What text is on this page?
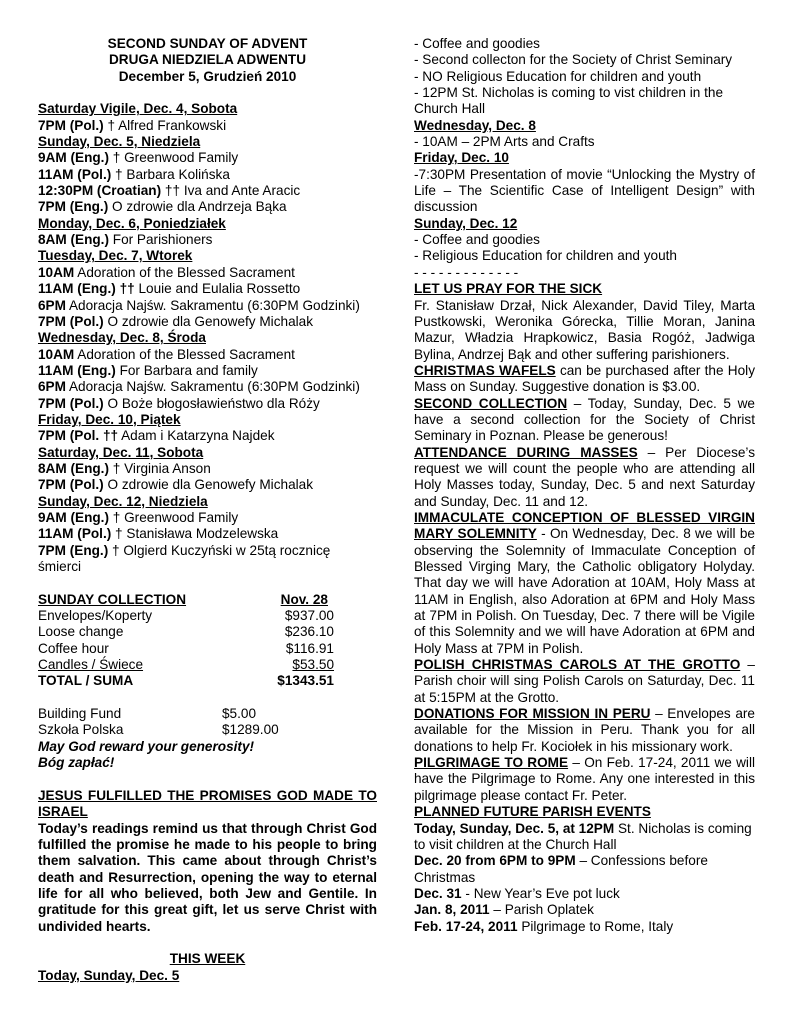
SECOND SUNDAY OF ADVENT
DRUGA NIEDZIELA ADWENTU
December 5, Grudzień 2010
Saturday Vigile, Dec. 4, Sobota
7PM (Pol.) † Alfred Frankowski
Sunday, Dec. 5, Niedziela
9AM (Eng.) † Greenwood Family
11AM (Pol.) † Barbara Kolińska
12:30PM (Croatian) †† Iva and Ante Aracic
7PM (Eng.) O zdrowie dla Andrzeja Bąka
Monday, Dec. 6, Poniedziałek
8AM (Eng.) For Parishioners
Tuesday, Dec. 7, Wtorek
10AM Adoration of the Blessed Sacrament
11AM (Eng.) †† Louie and Eulalia Rossetto
6PM Adoracja Najśw. Sakramentu (6:30PM Godzinki)
7PM (Pol.) O zdrowie dla Genowefy Michalak
Wednesday, Dec. 8, Środa
10AM Adoration of the Blessed Sacrament
11AM (Eng.) For Barbara and family
6PM Adoracja Najśw. Sakramentu (6:30PM Godzinki)
7PM (Pol.) O Boże błogosławieństwo dla Róży
Friday, Dec. 10, Piątek
7PM (Pol. †† Adam i Katarzyna Najdek
Saturday, Dec. 11, Sobota
8AM (Eng.) † Virginia Anson
7PM (Pol.) O zdrowie dla Genowefy Michalak
Sunday, Dec. 12, Niedziela
9AM (Eng.) † Greenwood Family
11AM (Pol.) † Stanisława Modzelewska
7PM (Eng.) † Olgierd Kuczyński w 25tą rocznicę śmierci
SUNDAY COLLECTION	Nov. 28
Envelopes/Koperty	$937.00
Loose change	$236.10
Coffee hour	$116.91
Candles / Świece	$53.50
TOTAL / SUMA	$1343.51
Building Fund	$5.00
Szkoła Polska	$1289.00
May God reward your generosity!
Bóg zapłać!
JESUS FULFILLED THE PROMISES GOD MADE TO ISRAEL
Today’s readings remind us that through Christ God fulfilled the promise he made to his people to bring them salvation. This came about through Christ’s death and Resurrection, opening the way to eternal life for all who believed, both Jew and Gentile. In gratitude for this great gift, let us serve Christ with undivided hearts.
THIS WEEK
Today, Sunday, Dec. 5
- Coffee and goodies
- Second collecton for the Society of Christ Seminary
- NO Religious Education for children and youth
- 12PM St. Nicholas is coming to vist children in the Church Hall
Wednesday, Dec. 8
- 10AM – 2PM Arts and Crafts
Friday, Dec. 10
-7:30PM Presentation of movie “Unlocking the Mystry of Life – The Scientific Case of Intelligent Design” with discussion
Sunday, Dec. 12
- Coffee and goodies
- Religious Education for children and youth
- - - - - - - - - - - - -
LET US PRAY FOR THE SICK
Fr. Stanisław Drzał, Nick Alexander, David Tiley, Marta Pustkowski, Weronika Górecka, Tillie Moran, Janina Mazur, Władzia Hrapkowicz, Basia Rogóż, Jadwiga Bylina, Andrzej Bąk and other suffering parishioners.
CHRISTMAS WAFELS can be purchased after the Holy Mass on Sunday. Suggestive donation is $3.00.
SECOND COLLECTION – Today, Sunday, Dec. 5 we have a second collection for the Society of Christ Seminary in Poznan. Please be generous!
ATTENDANCE DURING MASSES – Per Diocese’s request we will count the people who are attending all Holy Masses today, Sunday, Dec. 5 and next Saturday and Sunday, Dec. 11 and 12.
IMMACULATE CONCEPTION OF BLESSED VIRGIN MARY SOLEMNITY - On Wednesday, Dec. 8 we will be observing the Solemnity of Immaculate Conception of Blessed Virging Mary, the Catholic obligatory Holyday. That day we will have Adoration at 10AM, Holy Mass at 11AM in English, also Adoration at 6PM and Holy Mass at 7PM in Polish. On Tuesday, Dec. 7 there will be Vigile of this Solemnity and we will have Adoration at 6PM and Holy Mass at 7PM in Polish.
POLISH CHRISTMAS CAROLS AT THE GROTTO – Parish choir will sing Polish Carols on Saturday, Dec. 11 at 5:15PM at the Grotto.
DONATIONS FOR MISSION IN PERU – Envelopes are available for the Mission in Peru. Thank you for all donations to help Fr. Kociołek in his missionary work.
PILGRIMAGE TO ROME – On Feb. 17-24, 2011 we will have the Pilgrimage to Rome. Any one interested in this pilgrimage please contact Fr. Peter.
PLANNED FUTURE PARISH EVENTS
Today, Sunday, Dec. 5, at 12PM St. Nicholas is coming to visit children at the Church Hall
Dec. 20 from 6PM to 9PM – Confessions before Christmas
Dec. 31 - New Year’s Eve pot luck
Jan. 8, 2011 – Parish Oplatek
Feb. 17-24, 2011 Pilgrimage to Rome, Italy
